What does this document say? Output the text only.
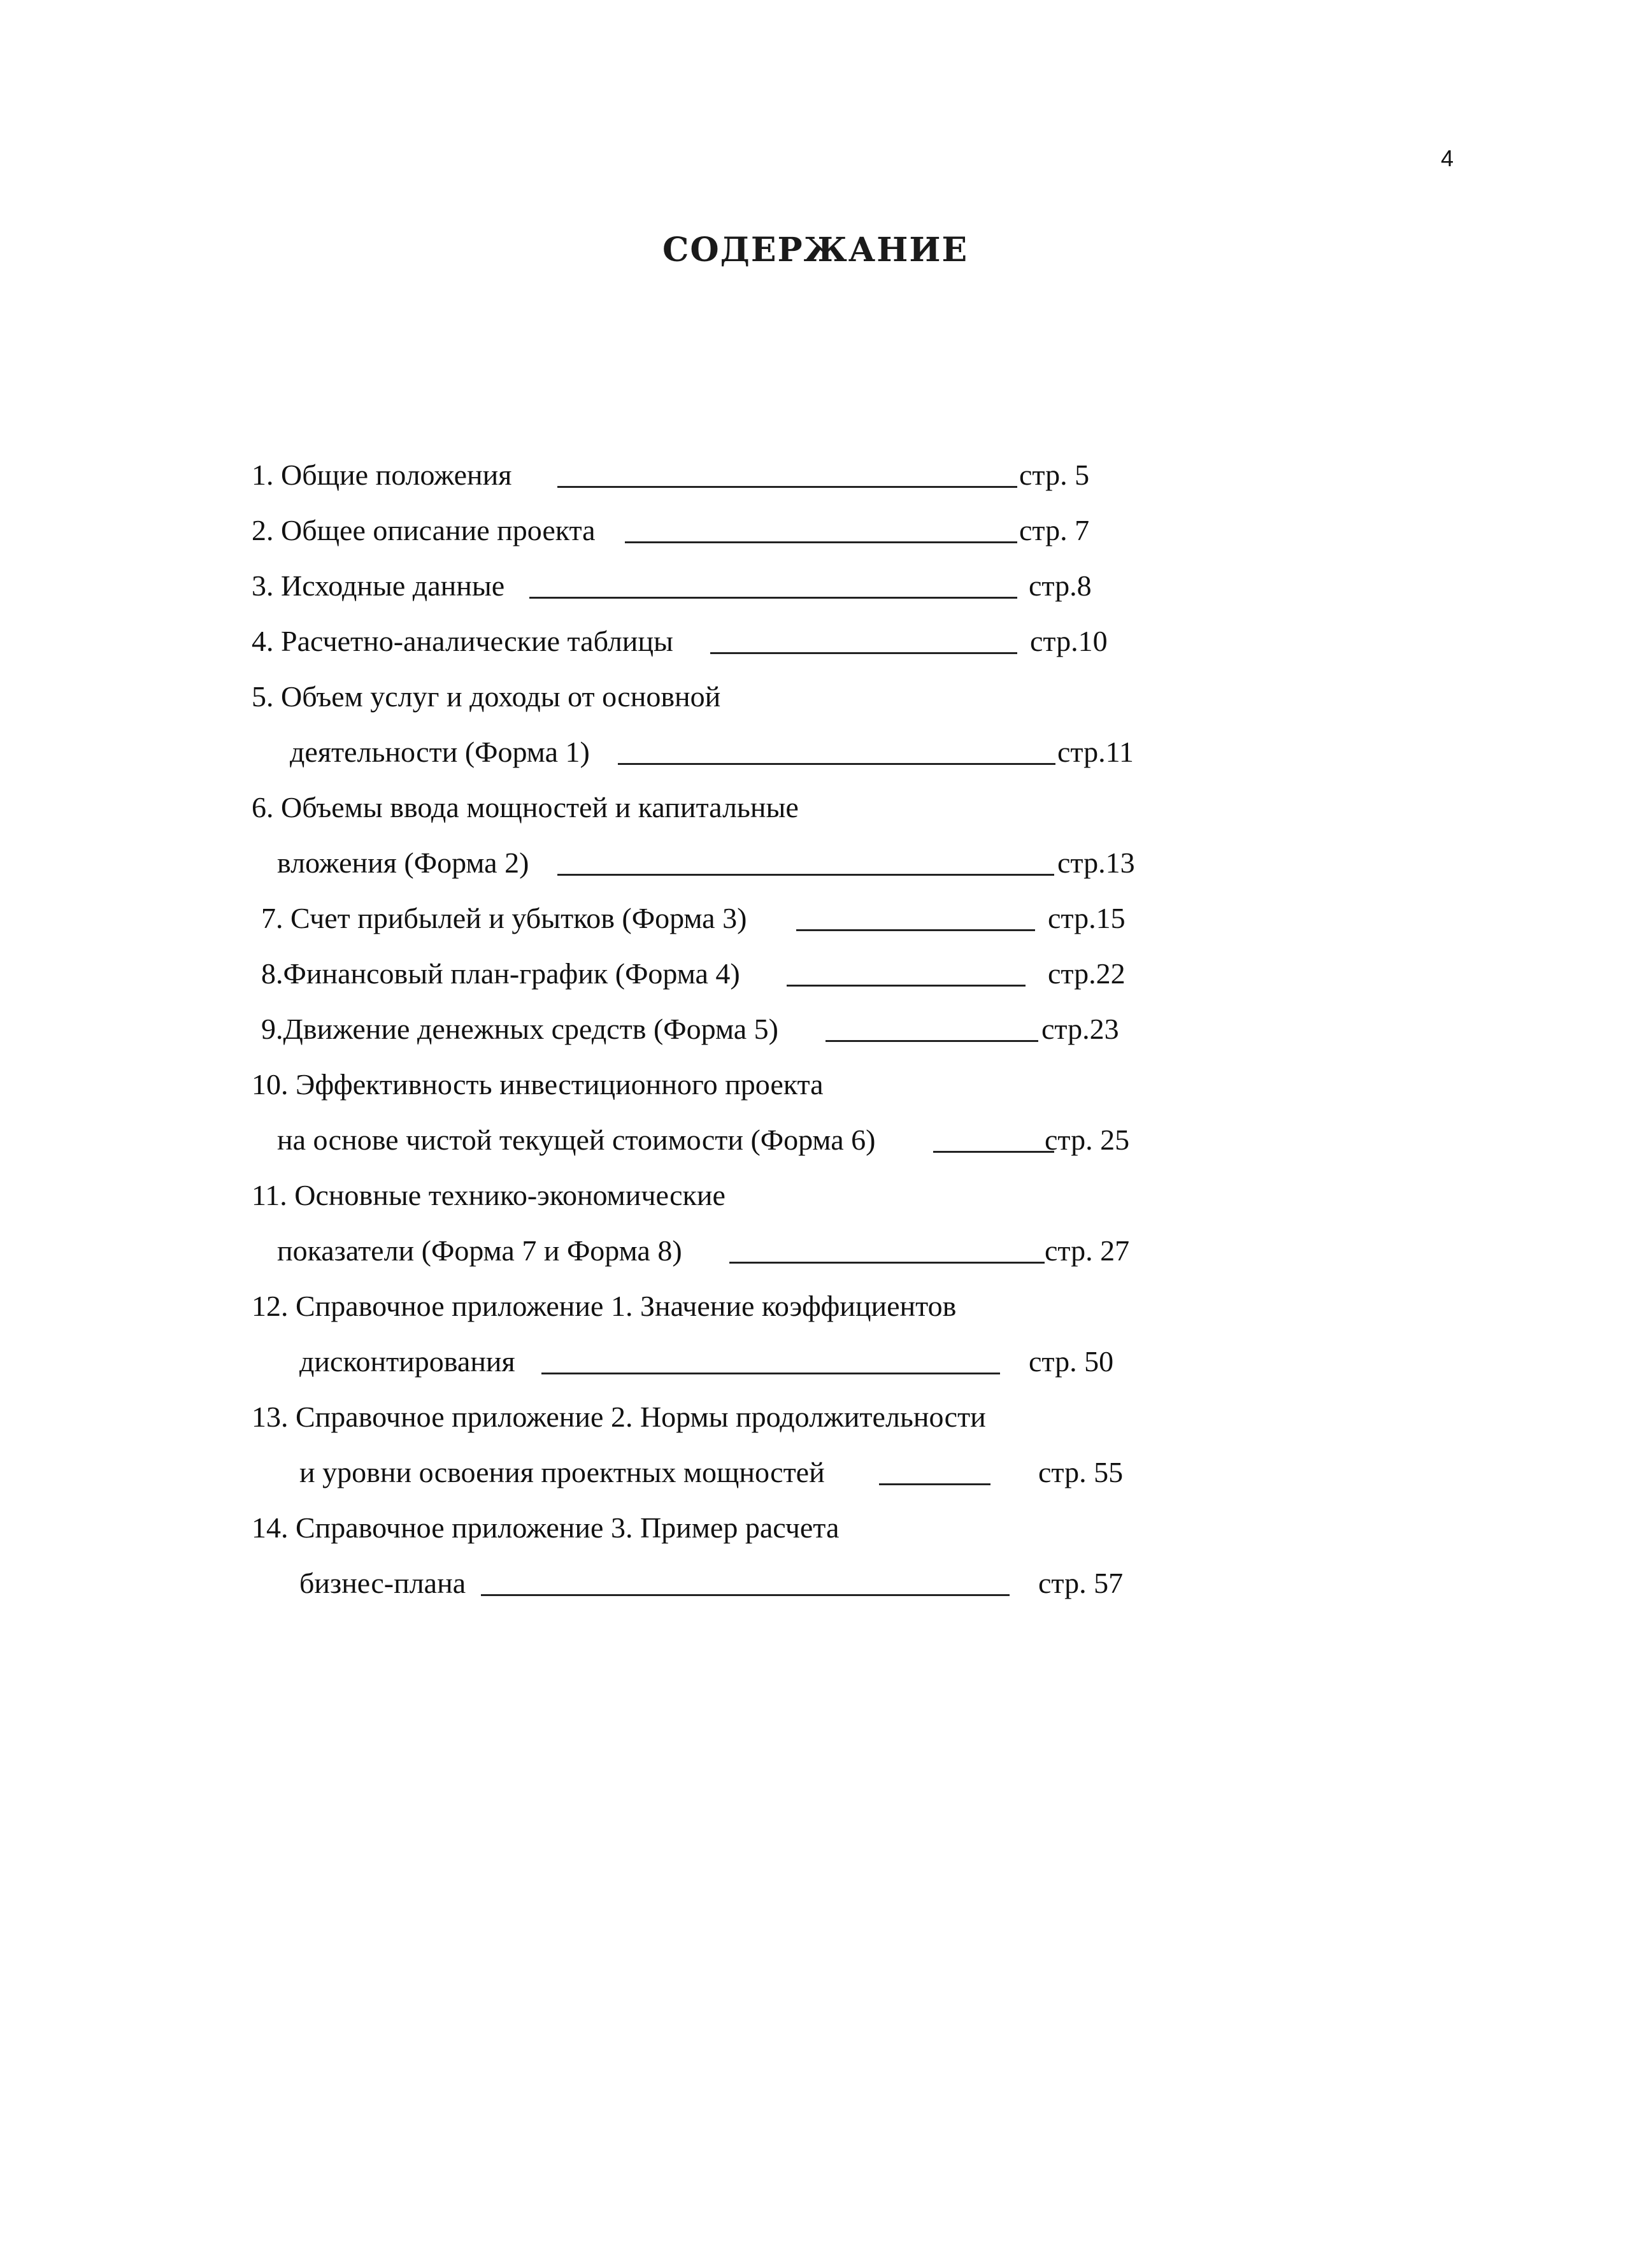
4
СОДЕРЖАНИЕ
1. Общие положения	стр. 5
2. Общее описание проекта	стр. 7
3. Исходные данные	стр.8
4. Расчетно-аналические таблицы	стр.10
5. Объем услуг и доходы от основной
деятельности (Форма 1)	стр.11
6. Объемы ввода мощностей и капитальные
вложения (Форма 2)	стр.13
7. Счет прибылей и убытков (Форма 3)	стр.15
8.Финансовый план-график (Форма 4)	стр.22
9.Движение денежных средств (Форма 5)	стр.23
10. Эффективность инвестиционного проекта
на основе чистой текущей стоимости (Форма 6)	стр. 25
11. Основные технико-экономические
показатели (Форма 7 и Форма 8)	стр. 27
12. Справочное приложение 1. Значение коэффициентов
дисконтирования	стр. 50
13. Справочное приложение 2. Нормы продолжительности
и уровни освоения проектных мощностей	стр. 55
14. Справочное приложение 3. Пример расчета
бизнес-плана	стр. 57
